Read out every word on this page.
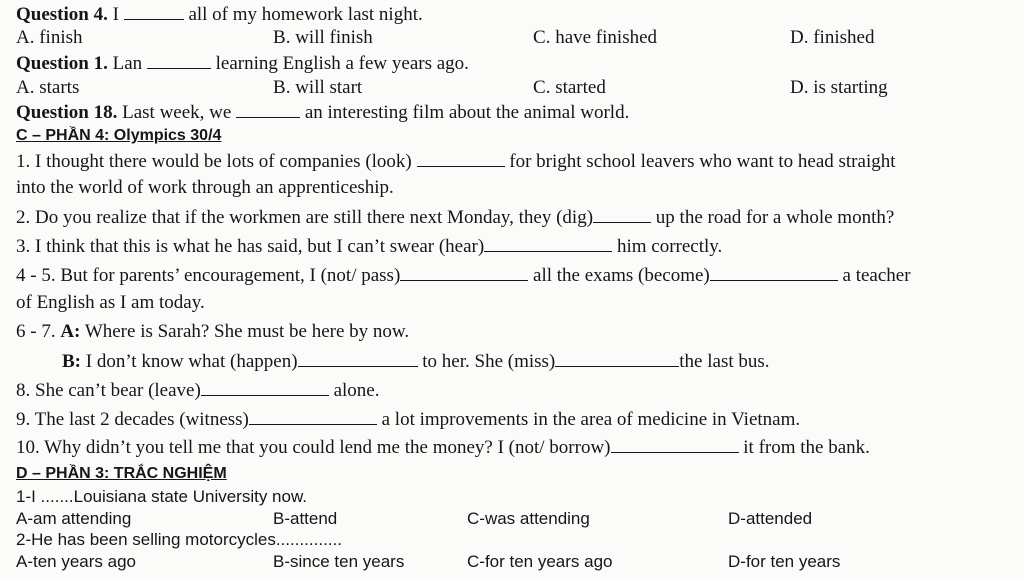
Question 4. I	all of my homework last night.
A. finish	B. will finish	C. have finished	D. finished
Question 1. Lan	learning English a few years ago.
A. starts	B. will start	C. started	D. is starting
Question 18. Last week, we	an interesting film about the animal world.
C – PHẦN 4: Olympics 30/4
1. I thought there would be lots of companies (look)	for bright school leavers who want to head straight
into the world of work through an apprenticeship.
2. Do you realize that if the workmen are still there next Monday, they (dig)	up the road for a whole month?
3. I think that this is what he has said, but I can’t swear (hear)	him correctly.
4 - 5. But for parents’ encouragement, I (not/ pass)	all the exams (become)	a teacher
of English as I am today.
6 - 7. A: Where is Sarah? She must be here by now.
B: I don’t know what (happen)	to her. She (miss)	the last bus.
8. She can’t bear (leave)	alone.
9. The last 2 decades (witness)	a lot improvements in the area of medicine in Vietnam.
10. Why didn’t you tell me that you could lend me the money? I (not/ borrow)	it from the bank.
D – PHẦN 3: TRẮC NGHIỆM
1-I .......Louisiana state University now.
A-am attending	B-attend	C-was attending	D-attended
2-He has been selling motorcycles..............
A-ten years ago	B-since ten years	C-for ten years ago	D-for ten years
